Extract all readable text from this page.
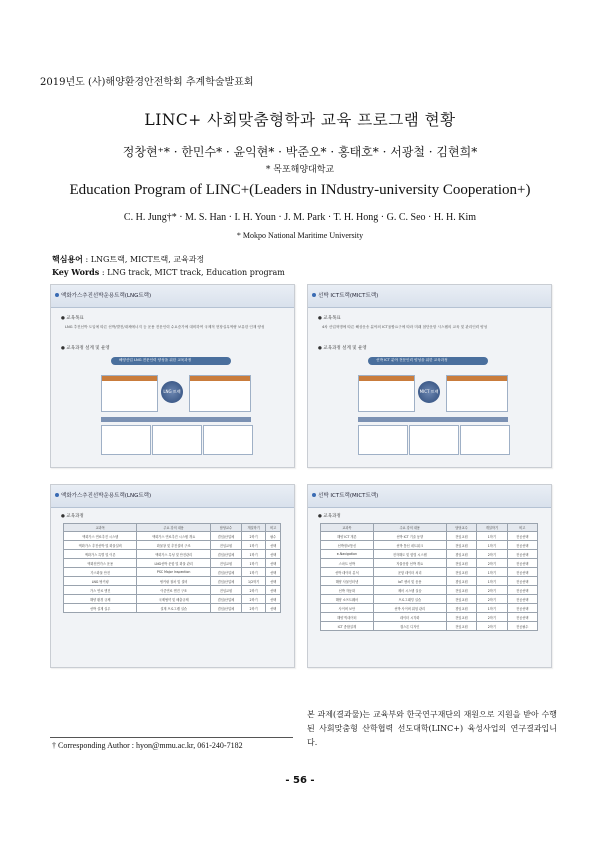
2019년도 (사)해양환경안전학회 추계학술발표회
LINC+ 사회맞춤형학과 교육 프로그램 현황
정창현⁺* · 한민수* · 윤익현* · 박준오* · 홍태호* · 서광철 · 김현희*
* 목포해양대학교
Education Program of LINC+(Leaders in INdustry-university Cooperation+)
C. H. Jung†* · M. S. Han · I. H. Youn · J. M. Park · T. H. Hong · G. C. Seo · H. H. Kim
* Mokpo National Maritime University
핵심용어 : LNG트랙, MICT트랙, 교육과정
Key Words : LNG track, MICT track, Education program
액화가스추진선박운용트랙(LNG트랙)
● 교육목표
LNG 추진선박 도입에 따른 선박/발전/대체에너지 등 운용 전문인력 수요증가에 대비하여 국제적 현장실무역량 보유한 인재 양성
● 교육과정 설계 및 운영
해양산업 LNG 전문인력 양성을 위한 교육과정
LNG 트랙
선박 ICT트랙(MICT트랙)
● 교육목표
4차 산업혁명에 따른 해상운송 분야의 ICT융합요구에 따라 미래 첨단운항 시스템의 교육 및 관리인력 양성
● 교육과정 설계 및 운영
선박 ICT 분야 전문인력 양성을 위한 교육과정
MICT 트랙
액화가스추진선박운용트랙(LNG트랙)
● 교육과정
교과목	주요 강의 내용	담당교수	개설학기	비고
액화가스 연료추진 시스템	액화가스 연료추진 시스템 개요	겸임/산업체	2학기	필수
액화가스 추진선박 및 화물설비	화물창 및 추진설비 구조	전임교원	1학기	선택
액화가스 특별 및 이론	액화가스 특성 및 안전관리	겸임/산업체	1학기	선택
액화천연가스 운용	LNG선박 운항 및 화물 관리	전임교원	1학기	선택
가스화물 안전	PSC Major Inspection	겸임/산업체	1학기	선택
LNG 벙커링	벙커링 절차 및 설비	겸임/산업체	1/2학기	선택
가스 연료 엔진	이중연료 엔진 구조	전임교원	2학기	선택
해양 환경 규제	국제협약 및 배출규제	겸임/산업체	2학기	선택
선박 설계 실무	설계 프로그램 실습	겸임/산업체	2학기	선택
선박 ICT트랙(MICT트랙)
● 교육과정
교과목	주요 강의 내용	담당교수	개설학기	비고
해양 ICT 개론	선박 ICT 기술 동향	전임교원	1학기	전공선택
선박정보통신	선박 통신 네트워크	전임교원	1학기	전공선택
e-Navigation	전자해도 및 항법 시스템	겸임교원	2학기	전공선택
스마트 선박	자율운항 선박 개요	전임교원	2학기	전공선택
선박 데이터 분석	운항 데이터 처리	전임교원	1학기	전공선택
해양 사물인터넷	IoT 센서 및 응용	겸임교원	1학기	전공선택
선박 자동화	제어 시스템 실습	전임교원	2학기	전공선택
해양 소프트웨어	프로그래밍 실습	전임교원	2학기	전공선택
사이버 보안	선박 사이버 위험 관리	겸임교원	1학기	전공선택
해양 빅데이터	데이터 시각화	전임교원	2학기	전공선택
ICT 종합설계	캡스톤 디자인	전임교원	2학기	전공필수
본 과제(결과물)는 교육부와 한국연구재단의 재원으로 지원을 받아 수행된 사회맞춤형 산학협력 선도대학(LINC+) 육성사업의 연구결과입니다.
† Corresponding Author : hyon@mmu.ac.kr, 061-240-7182
- 56 -
